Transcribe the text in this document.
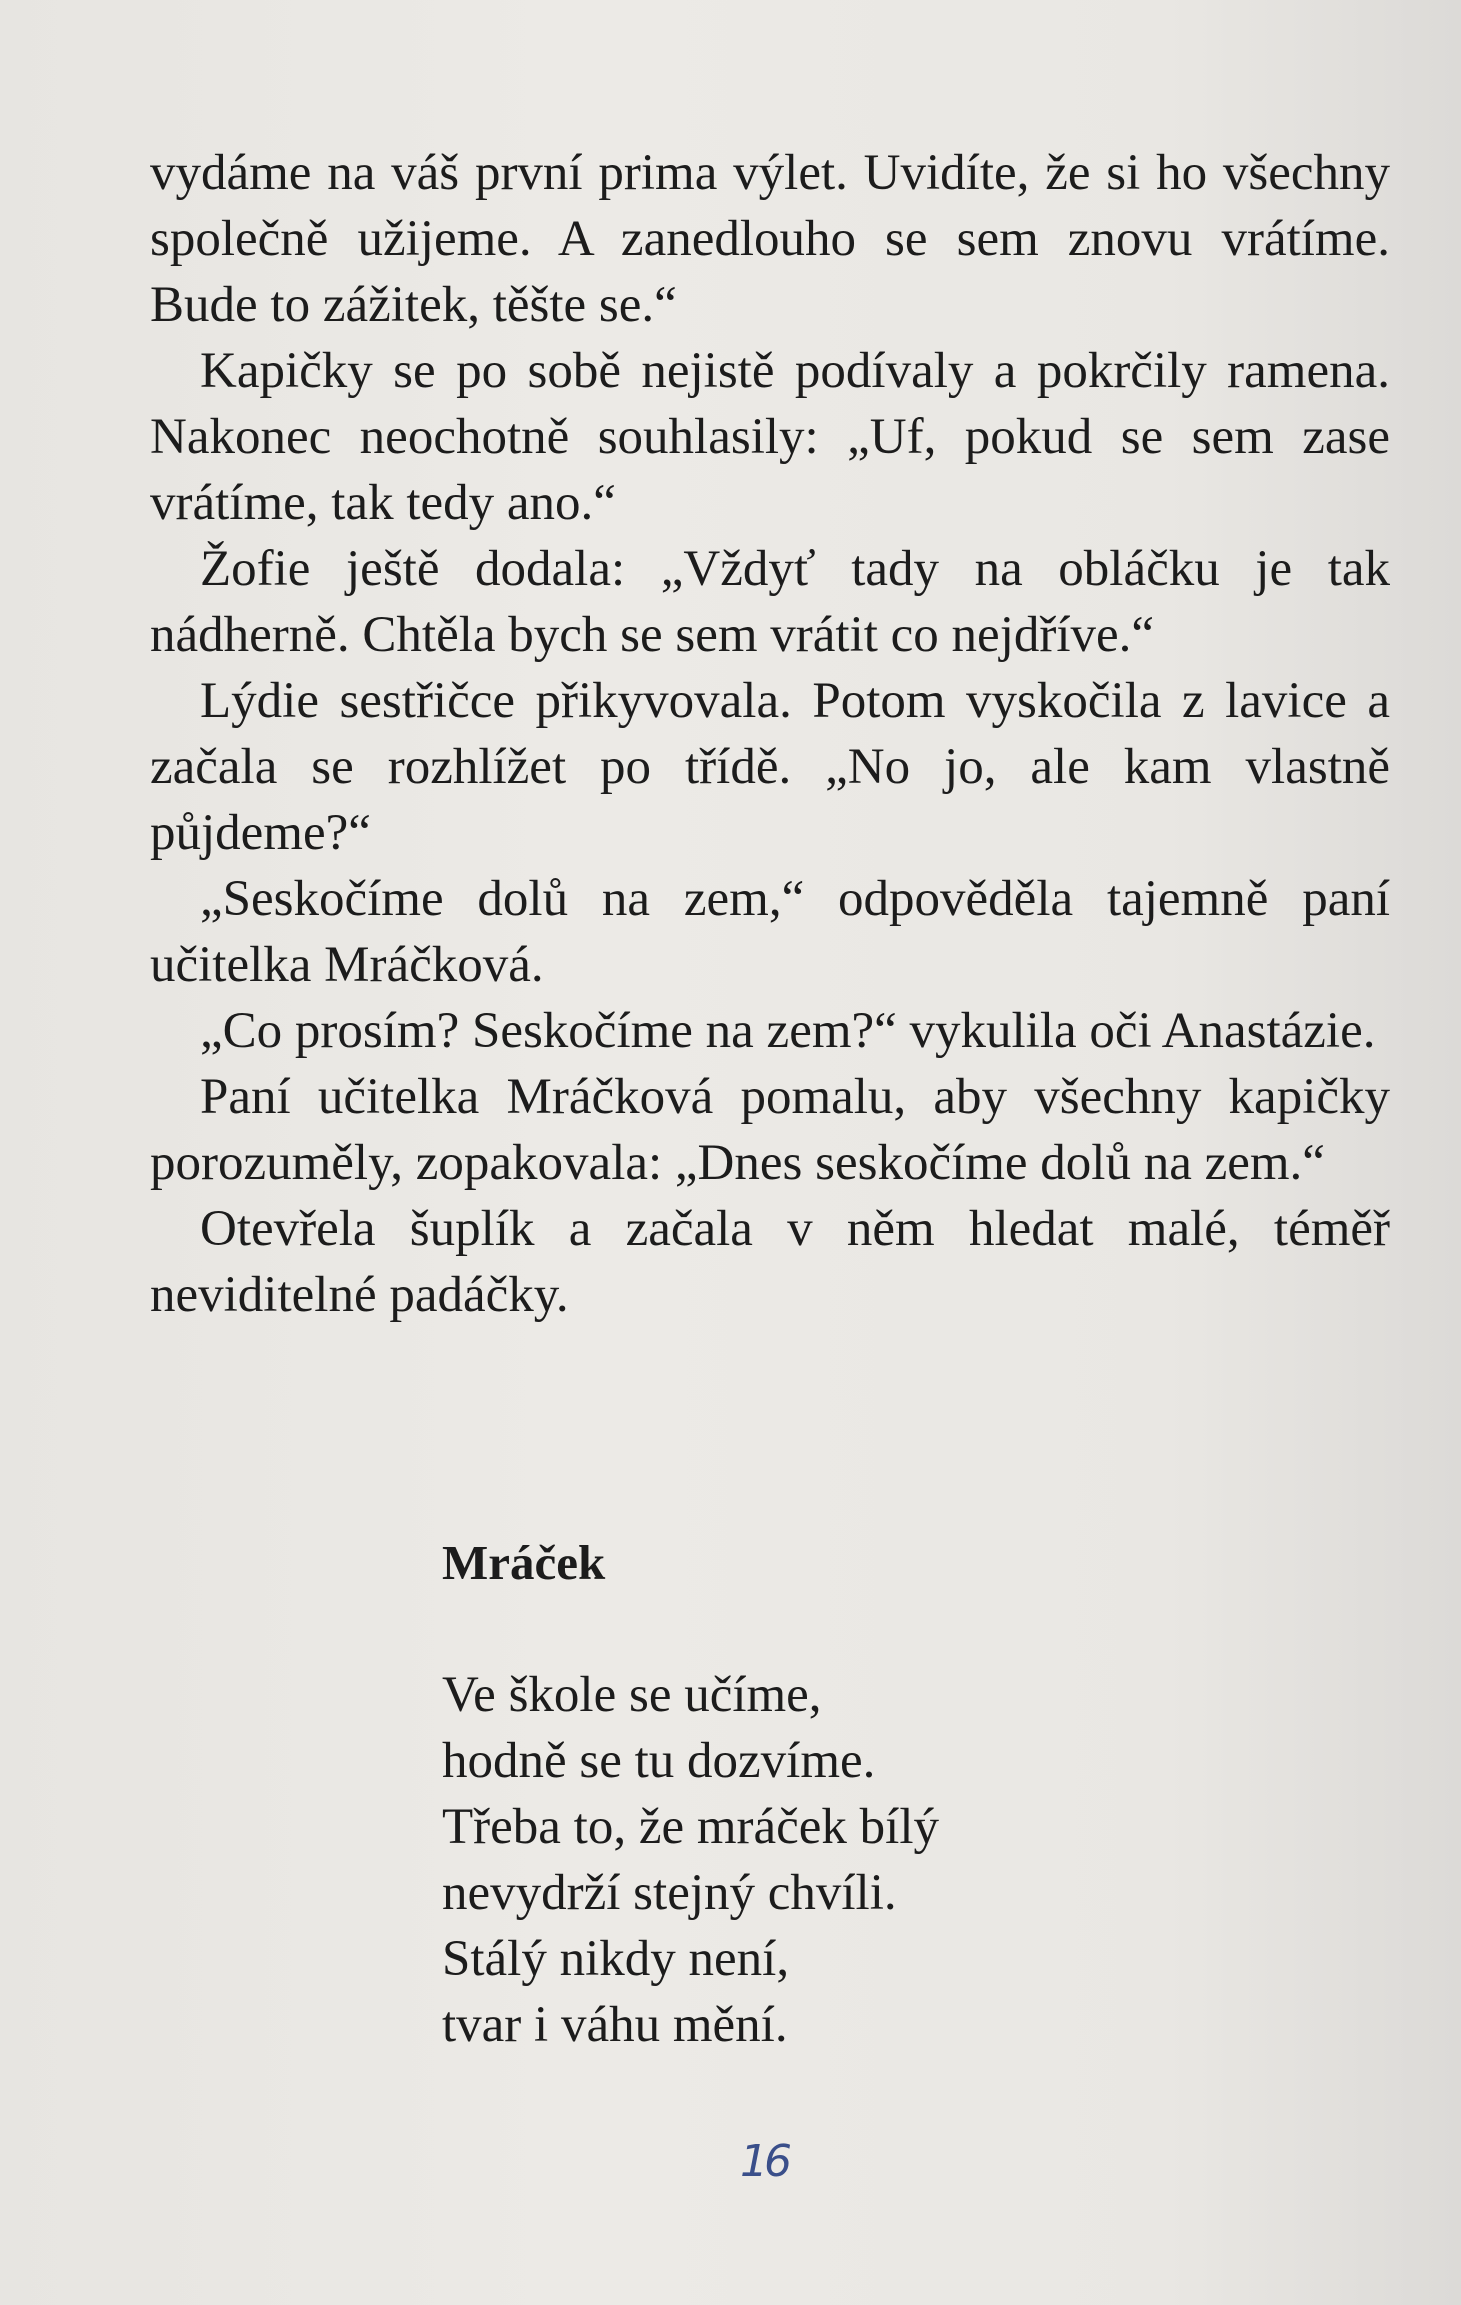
vydáme na váš první prima výlet. Uvidíte, že si ho všechny společně užijeme. A zanedlouho se sem znovu vrátíme. Bude to zážitek, těšte se.“

Kapičky se po sobě nejistě podívaly a pokrčily ramena. Nakonec neochotně souhlasily: „Uf, pokud se sem zase vrátíme, tak tedy ano.“

Žofie ještě dodala: „Vždyť tady na obláčku je tak nádherně. Chtěla bych se sem vrátit co nejdříve.“

Lýdie sestřičce přikyvovala. Potom vyskočila z lavice a začala se rozhlížet po třídě. „No jo, ale kam vlastně půjdeme?“

„Seskočíme dolů na zem,“ odpověděla tajemně paní učitelka Mráčková.

„Co prosím? Seskočíme na zem?“ vykulila oči Anastázie.

Paní učitelka Mráčková pomalu, aby všechny kapičky porozuměly, zopakovala: „Dnes seskočíme dolů na zem.“

Otevřela šuplík a začala v něm hledat malé, téměř neviditelné padáčky.

Mráček
Ve škole se učíme,
hodně se tu dozvíme.
Třeba to, že mráček bílý
nevydrží stejný chvíli.
Stálý nikdy není,
tvar i váhu mění.
16
